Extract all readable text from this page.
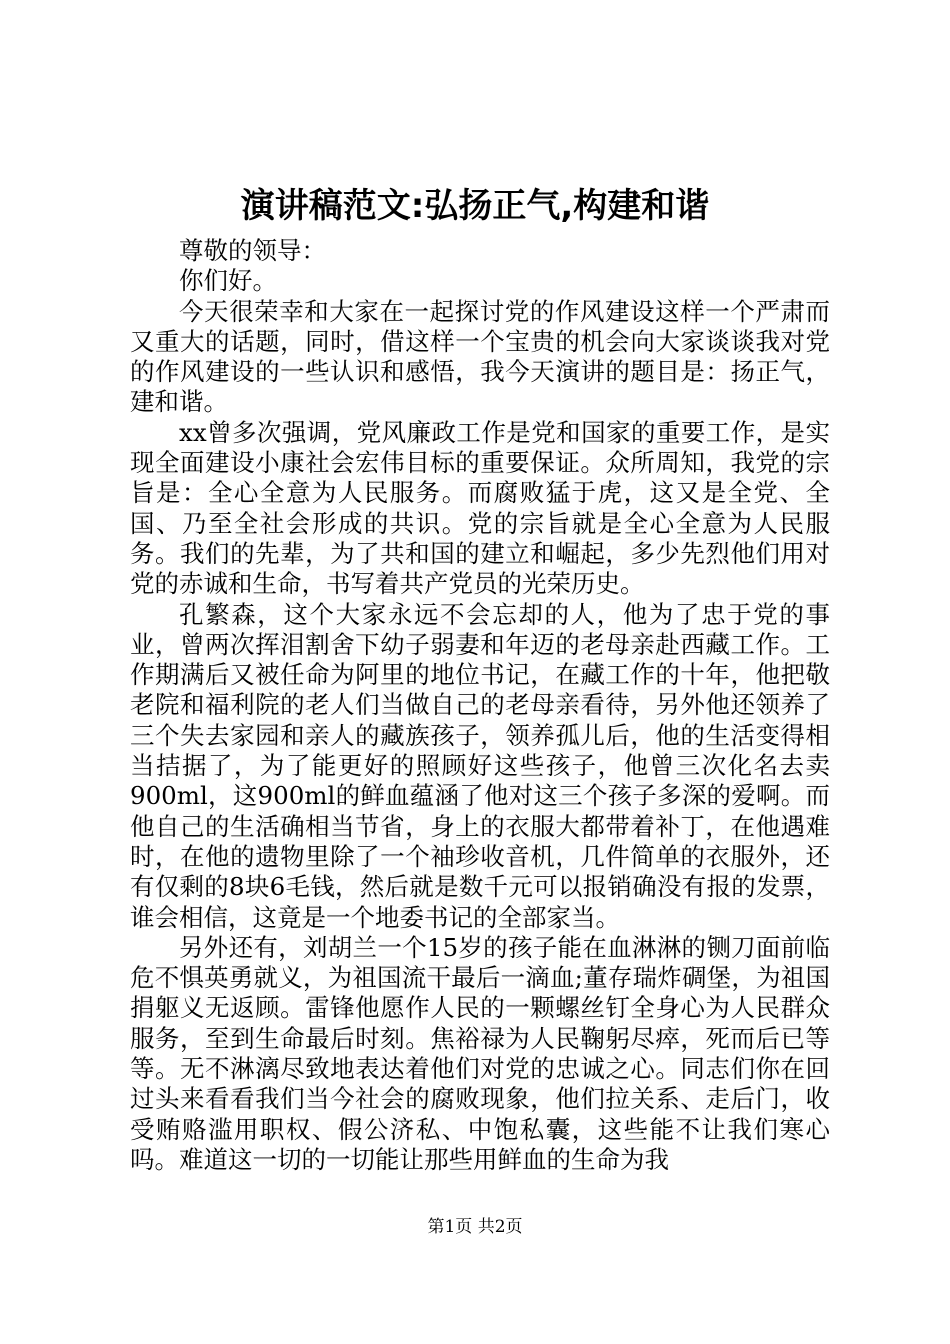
演讲稿范文:弘扬正气,构建和谐

尊敬的领导：

你们好。

今天很荣幸和大家在一起探讨党的作风建设这样一个严肃而又重大的话题，同时，借这样一个宝贵的机会向大家谈谈我对党的作风建设的一些认识和感悟，我今天演讲的题目是：扬正气，建和谐。

xx曾多次强调，党风廉政工作是党和国家的重要工作，是实现全面建设小康社会宏伟目标的重要保证。众所周知，我党的宗旨是：全心全意为人民服务。而腐败猛于虎，这又是全党、全国、乃至全社会形成的共识。党的宗旨就是全心全意为人民服务。我们的先辈，为了共和国的建立和崛起，多少先烈他们用对党的赤诚和生命，书写着共产党员的光荣历史。

孔繁森，这个大家永远不会忘却的人，他为了忠于党的事业，曾两次挥泪割舍下幼子弱妻和年迈的老母亲赴西藏工作。工作期满后又被任命为阿里的地位书记，在藏工作的十年，他把敬老院和福利院的老人们当做自己的老母亲看待，另外他还领养了三个失去家园和亲人的藏族孩子，领养孤儿后，他的生活变得相当拮据了，为了能更好的照顾好这些孩子，他曾三次化名去卖900ml，这900ml的鲜血蕴涵了他对这三个孩子多深的爱啊。而他自己的生活确相当节省，身上的衣服大都带着补丁，在他遇难时，在他的遗物里除了一个袖珍收音机，几件简单的衣服外，还有仅剩的8块6毛钱，然后就是数千元可以报销确没有报的发票，谁会相信，这竟是一个地委书记的全部家当。

另外还有，刘胡兰一个15岁的孩子能在血淋淋的铡刀面前临危不惧英勇就义，为祖国流干最后一滴血;董存瑞炸碉堡，为祖国捐躯义无返顾。雷锋他愿作人民的一颗螺丝钉全身心为人民群众服务，至到生命最后时刻。焦裕禄为人民鞠躬尽瘁，死而后已等等。无不淋漓尽致地表达着他们对党的忠诚之心。同志们你在回过头来看看我们当今社会的腐败现象，他们拉关系、走后门，收受贿赂滥用职权、假公济私、中饱私囊，这些能不让我们寒心吗。难道这一切的一切能让那些用鲜血的生命为我

第1页 共2页
